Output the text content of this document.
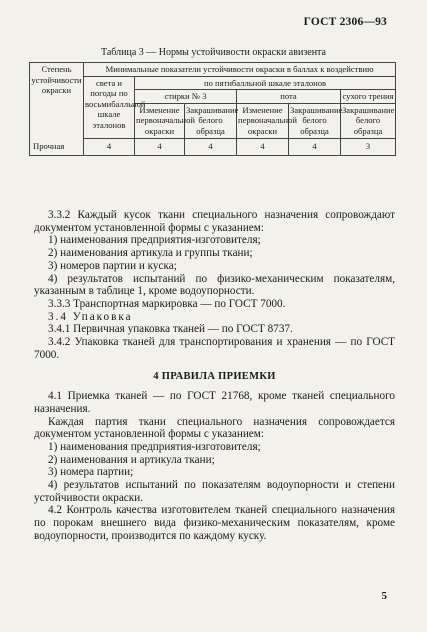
ГОСТ 2306—93
Таблица 3 — Нормы устойчивости окраски авизента
Степень устойчивости окраски	Минимальные показатели устойчивости окраски в баллах к воздействию					
	света и погоды по восьмибалльной шкале эталонов	по пятибалльной шкале эталонов				
		стирки № 3		пота		сухого трения
		Изменение первоначальной окраски	Закрашивание белого образца	Изменение первоначальной окраски	Закрашивание белого образца	Закрашивание белого образца
Прочная	4	4	4	4	4	3

3.3.2 Каждый кусок ткани специального назначения сопровождают документом установленной формы с указанием:

1) наименования предприятия-изготовителя;

2) наименования артикула и группы ткани;

3) номеров партии и куска;

4) результатов испытаний по физико-механическим показателям, указанным в таблице 1, кроме водоупорности.

3.3.3 Транспортная маркировка — по ГОСТ 7000.

3.4 Упаковка

3.4.1 Первичная упаковка тканей — по ГОСТ 8737.

3.4.2 Упаковка тканей для транспортирования и хранения — по ГОСТ 7000.

4 ПРАВИЛА ПРИЕМКИ

4.1 Приемка тканей — по ГОСТ 21768, кроме тканей специального назначения.

Каждая партия ткани специального назначения сопровождается документом установленной формы с указанием:

1) наименования предприятия-изготовителя;

2) наименования и артикула ткани;

3) номера партии;

4) результатов испытаний по показателям водоупорности и степени устойчивости окраски.

4.2 Контроль качества изготовителем тканей специального назначения по порокам внешнего вида физико-механическим показателям, кроме водоупорности, производится по каждому куску.

5
